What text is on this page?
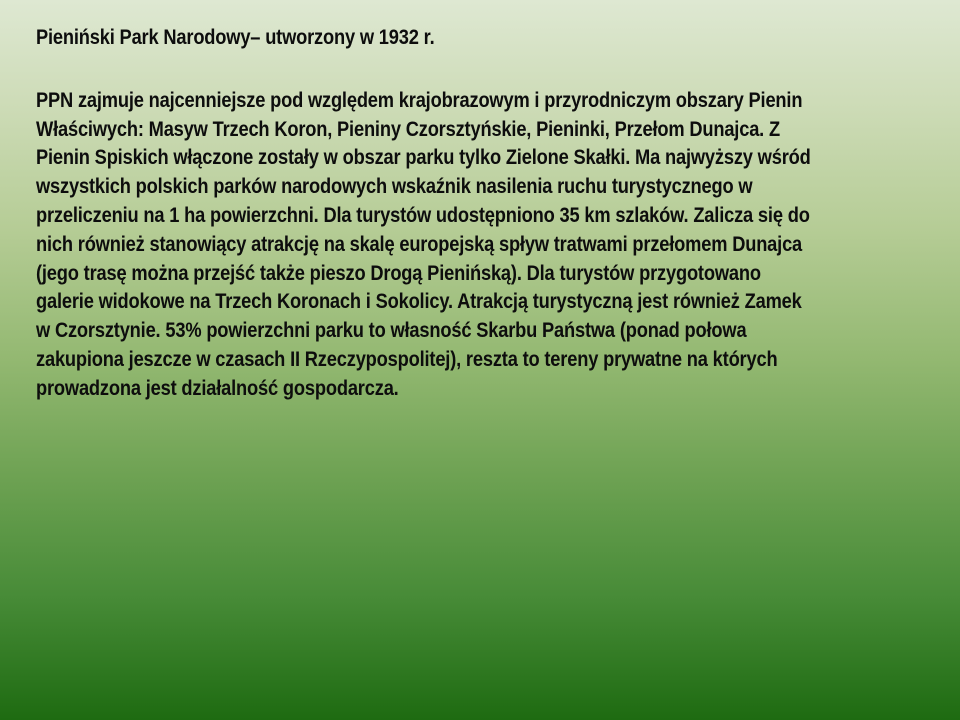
Pieniński Park Narodowy– utworzony w 1932 r.
PPN zajmuje najcenniejsze pod względem krajobrazowym i przyrodniczym obszary Pienin
Właściwych: Masyw Trzech Koron, Pieniny Czorsztyńskie, Pieninki, Przełom Dunajca. Z
Pienin Spiskich włączone zostały w obszar parku tylko Zielone Skałki. Ma najwyższy wśród
wszystkich polskich parków narodowych wskaźnik nasilenia ruchu turystycznego w
przeliczeniu na 1 ha powierzchni. Dla turystów udostępniono 35 km szlaków. Zalicza się do
nich również stanowiący atrakcję na skalę europejską spływ tratwami przełomem Dunajca
(jego trasę można przejść także pieszo Drogą Pienińską). Dla turystów przygotowano
galerie widokowe na Trzech Koronach i Sokolicy. Atrakcją turystyczną jest również Zamek
w Czorsztynie. 53% powierzchni parku to własność Skarbu Państwa (ponad połowa
zakupiona jeszcze w czasach II Rzeczypospolitej), reszta to tereny prywatne na których
prowadzona jest działalność gospodarcza.
